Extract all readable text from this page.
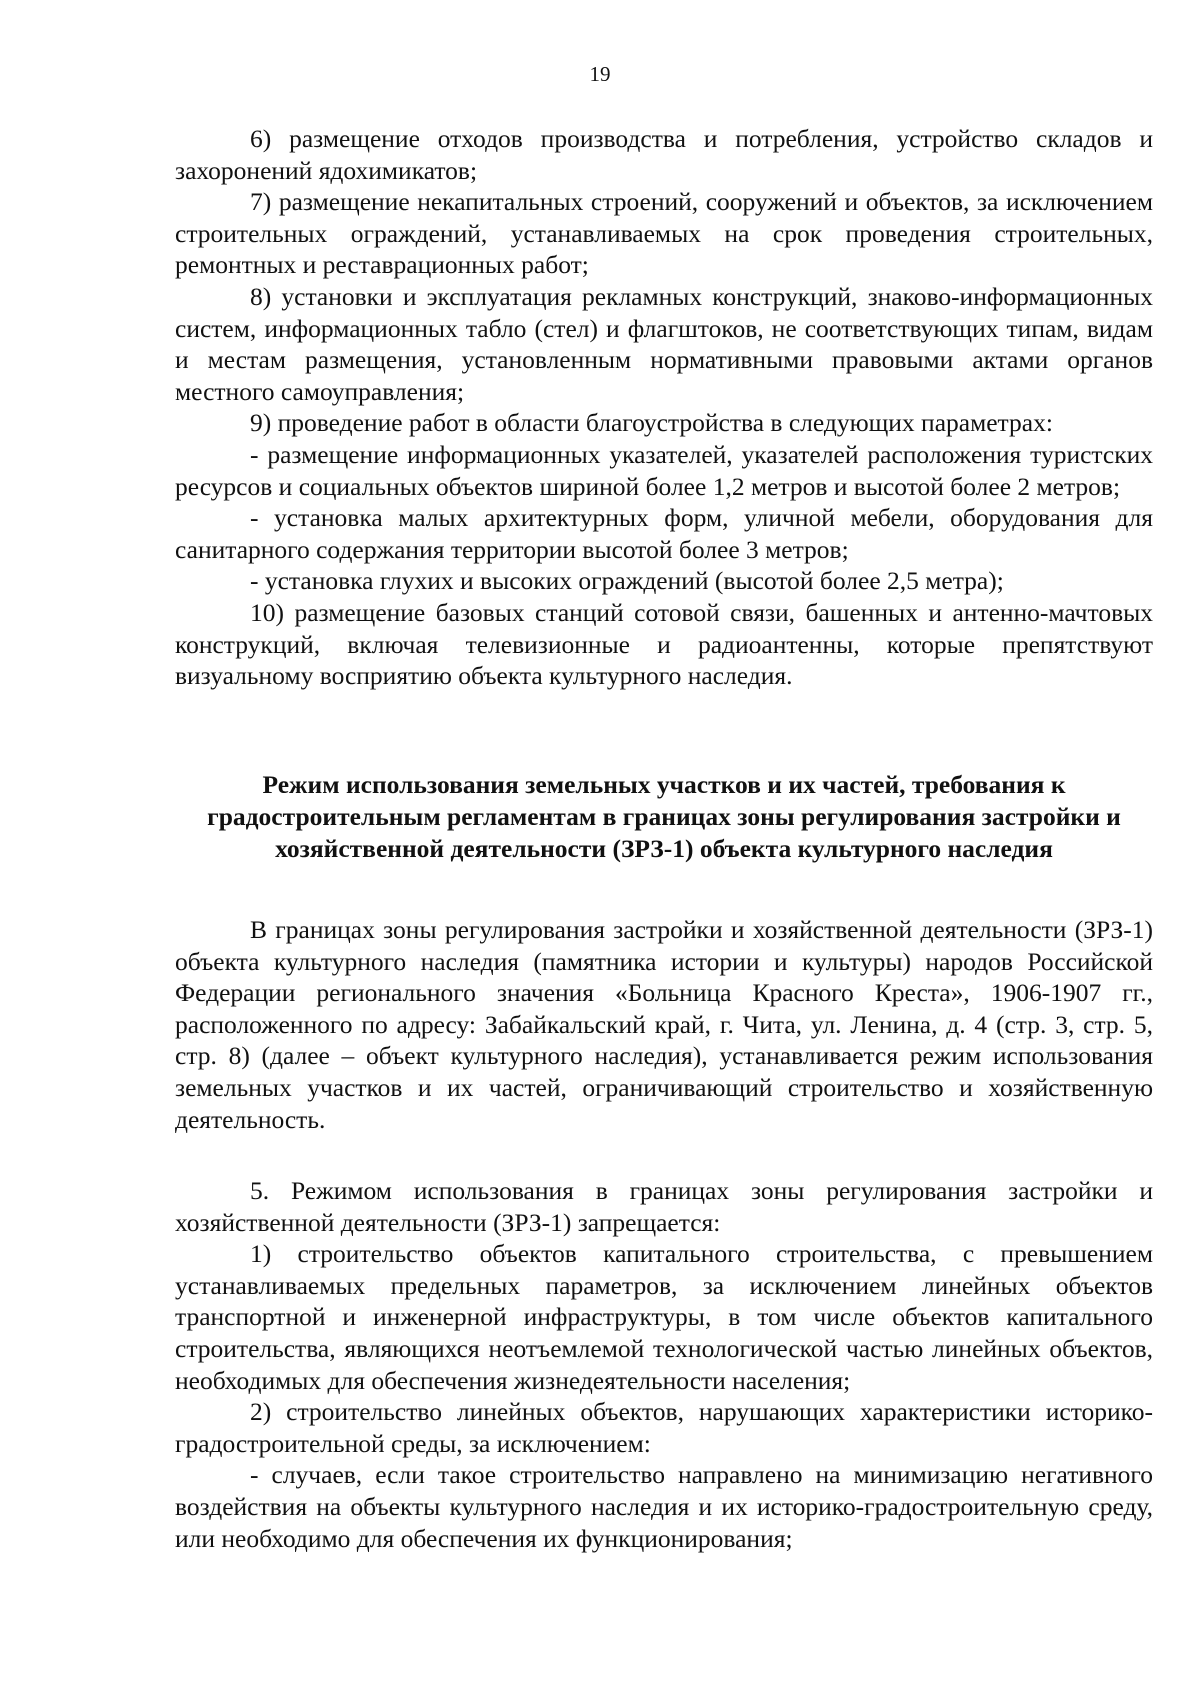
19

6) размещение отходов производства и потребления, устройство складов и захоронений ядохимикатов;

7) размещение некапитальных строений, сооружений и объектов, за исключением строительных ограждений, устанавливаемых на срок проведения строительных, ремонтных и реставрационных работ;

8) установки и эксплуатация рекламных конструкций, знаково-информационных систем, информационных табло (стел) и флагштоков, не соответствующих типам, видам и местам размещения, установленным нормативными правовыми актами органов местного самоуправления;

9) проведение работ в области благоустройства в следующих параметрах:

- размещение информационных указателей, указателей расположения туристских ресурсов и социальных объектов шириной более 1,2 метров и высотой более 2 метров;

- установка малых архитектурных форм, уличной мебели, оборудования для санитарного содержания территории высотой более 3 метров;

- установка глухих и высоких ограждений (высотой более 2,5 метра);

10) размещение базовых станций сотовой связи, башенных и антенно-мачтовых конструкций, включая телевизионные и радиоантенны, которые препятствуют визуальному восприятию объекта культурного наследия.

Режим использования земельных участков и их частей, требования к градостроительным регламентам в границах зоны регулирования застройки и хозяйственной деятельности (ЗРЗ-1) объекта культурного наследия

В границах зоны регулирования застройки и хозяйственной деятельности (ЗРЗ-1) объекта культурного наследия (памятника истории и культуры) народов Российской Федерации регионального значения «Больница Красного Креста», 1906-1907 гг., расположенного по адресу: Забайкальский край, г. Чита, ул. Ленина, д. 4 (стр. 3, стр. 5, стр. 8) (далее – объект культурного наследия), устанавливается режим использования земельных участков и их частей, ограничивающий строительство и хозяйственную деятельность.

5. Режимом использования в границах зоны регулирования застройки и хозяйственной деятельности (ЗРЗ-1) запрещается:

1) строительство объектов капитального строительства, с превышением устанавливаемых предельных параметров, за исключением линейных объектов транспортной и инженерной инфраструктуры, в том числе объектов капитального строительства, являющихся неотъемлемой технологической частью линейных объектов, необходимых для обеспечения жизнедеятельности населения;

2) строительство линейных объектов, нарушающих характеристики историко-градостроительной среды, за исключением:

- случаев, если такое строительство направлено на минимизацию негативного воздействия на объекты культурного наследия и их историко-градостроительную среду, или необходимо для обеспечения их функционирования;
